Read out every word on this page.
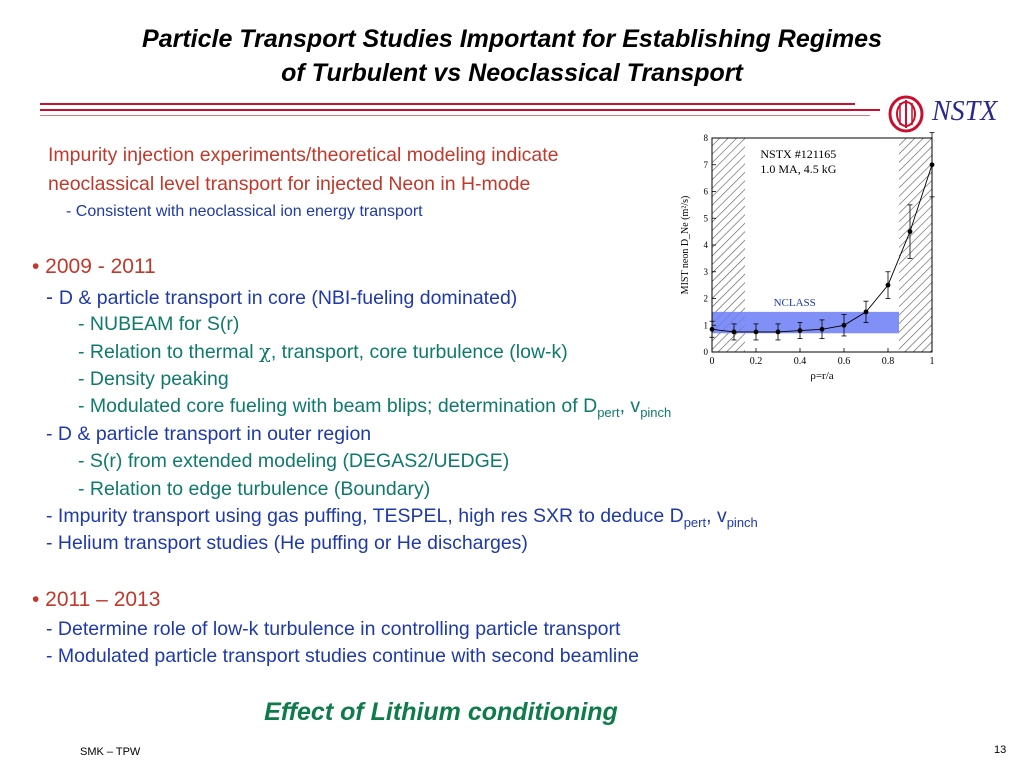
Particle Transport Studies Important for Establishing Regimes
of Turbulent vs Neoclassical Transport
NSTX
Impurity injection experiments/theoretical modeling indicate
neoclassical level transport for injected Neon in H-mode
- Consistent with neoclassical ion energy transport
• 2009 - 2011
- D & particle transport in core (NBI-fueling dominated)
- NUBEAM for S(r)
- Relation to thermal χ, transport, core turbulence (low-k)
- Density peaking
- Modulated core fueling with beam blips; determination of $D_{pert}$, $v_{pinch}$
- D & particle transport in outer region
- S(r) from extended modeling (DEGAS2/UEDGE)
- Relation to edge turbulence (Boundary)
- Impurity transport using gas puffing, TESPEL, high res SXR to deduce $D_{pert}$, $v_{pinch}$
- Helium transport studies (He puffing or He discharges)
• 2011 – 2013
- Determine role of low-k turbulence in controlling particle transport
- Modulated particle transport studies continue with second beamline
Effect of Lithium conditioning
SMK – TPW	13
NCLASS
0
1
2
3
4
5
6
7
8
0	0.2	0.4	0.6	0.8	1
ρ=r/a
MIST neon D_Ne (m²/s)
NSTX #121165
1.0 MA, 4.5 kG
